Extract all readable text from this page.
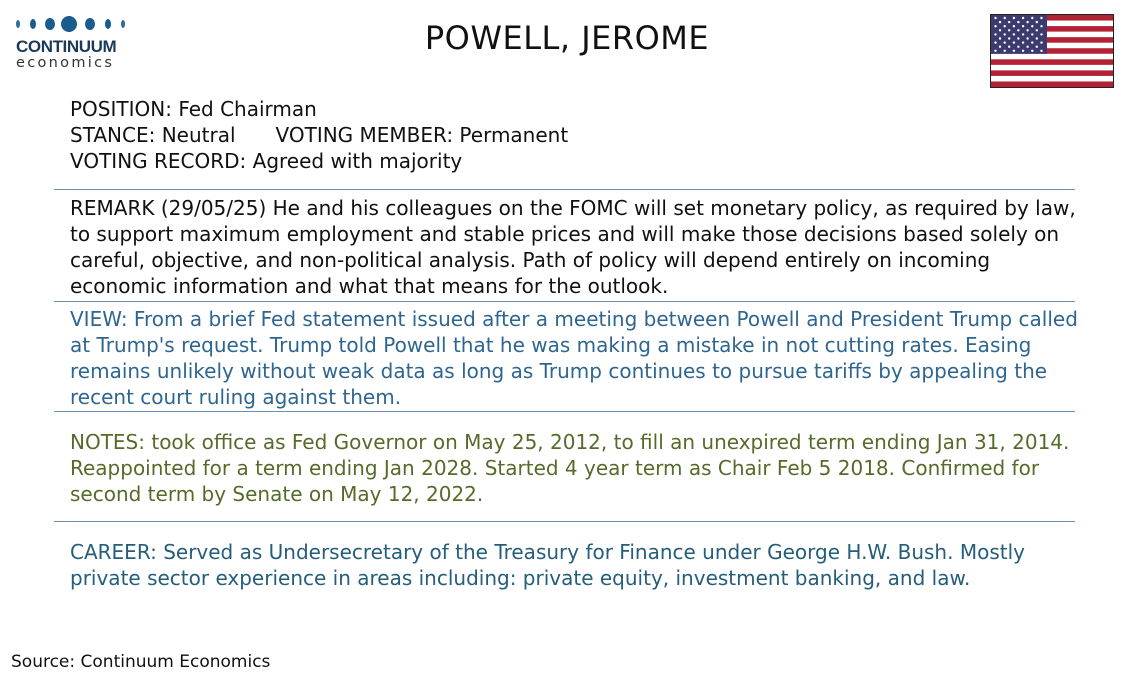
CONTINUUM
economics
POWELL, JEROME
POSITION: Fed Chairman
STANCE: Neutral VOTING MEMBER: Permanent
VOTING RECORD: Agreed with majority
REMARK (29/05/25) He and his colleagues on the FOMC will set monetary policy, as required by law, to support maximum employment and stable prices and will make those decisions based solely on careful, objective, and non-political analysis. Path of policy will depend entirely on incoming economic information and what that means for the outlook.
VIEW: From a brief Fed statement issued after a meeting between Powell and President Trump called at Trump's request. Trump told Powell that he was making a mistake in not cutting rates. Easing remains unlikely without weak data as long as Trump continues to pursue tariffs by appealing the recent court ruling against them.
NOTES: took office as Fed Governor on May 25, 2012, to fill an unexpired term ending Jan 31, 2014. Reappointed for a term ending Jan 2028. Started 4 year term as Chair Feb 5 2018. Confirmed for second term by Senate on May 12, 2022.
CAREER: Served as Undersecretary of the Treasury for Finance under George H.W. Bush. Mostly private sector experience in areas including: private equity, investment banking, and law.
Source: Continuum Economics
